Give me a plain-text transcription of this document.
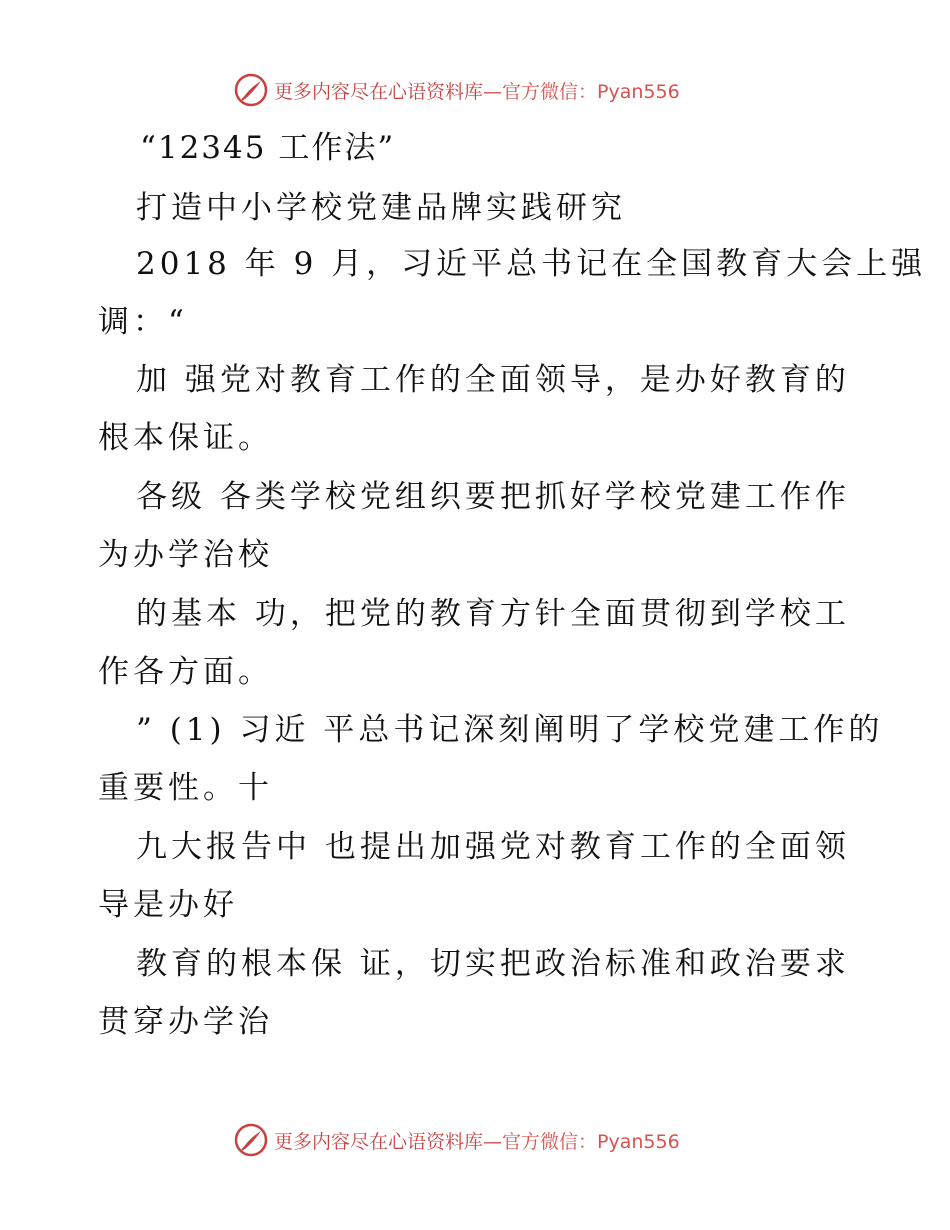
更多内容尽在心语资料库 —官方微信：Pyan556
“12345 工作法”
打造中小学校党建品牌实践研究
2018 年 9 月，习近平总书记在全国教育大会上强
调：“
加 强党对教育工作的全面领导，是办好教育的
根本保证。
各级 各类学校党组织要把抓好学校党建工作作
为办学治校
的基本 功，把党的教育方针全面贯彻到学校工
作各方面。
” (1) 习近 平总书记深刻阐明了学校党建工作的
重要性。十
九大报告中 也提出加强党对教育工作的全面领
导是办好
教育的根本保 证，切实把政治标准和政治要求
贯穿办学治
更多内容尽在心语资料库 —官方微信：Pyan556
